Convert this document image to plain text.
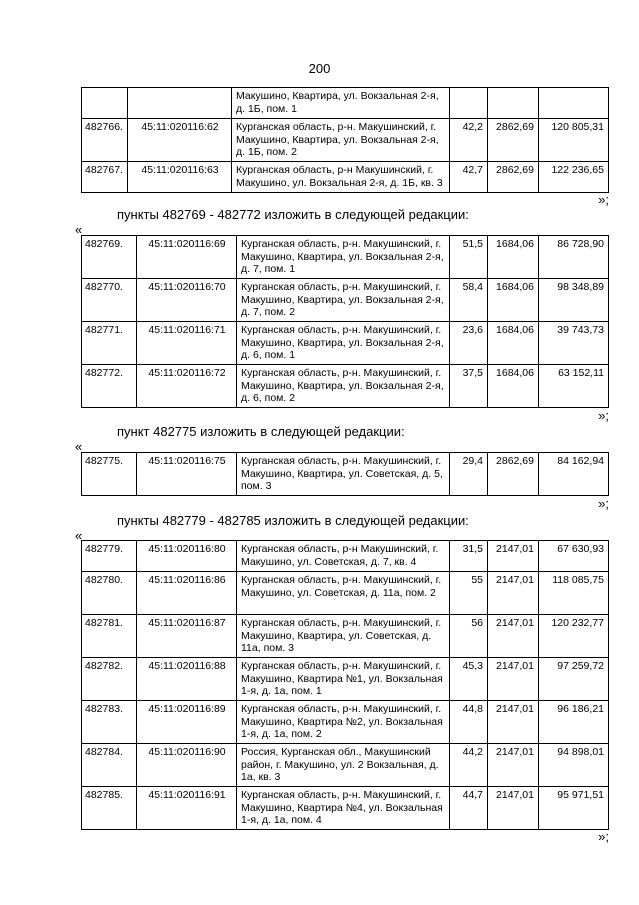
200
		Макушино, Квартира, ул. Вокзальная 2-я, д. 1Б, пом. 1			
482766.	45:11:020116:62	Курганская область, р-н. Макушинский, г. Макушино, Квартира, ул. Вокзальная 2-я, д. 1Б, пом. 2	42,2	2862,69	120 805,31
482767.	45:11:020116:63	Курганская область, р-н Макушинский, г. Макушино, ул. Вокзальная 2-я, д. 1Б, кв. 3	42,7	2862,69	122 236,65
»;
пункты 482769 - 482772 изложить в следующей редакции:
«
482769.	45:11:020116:69	Курганская область, р-н. Макушинский, г. Макушино, Квартира, ул. Вокзальная 2-я, д. 7, пом. 1	51,5	1684,06	86 728,90
482770.	45:11:020116:70	Курганская область, р-н. Макушинский, г. Макушино, Квартира, ул. Вокзальная 2-я, д. 7, пом. 2	58,4	1684,06	98 348,89
482771.	45:11:020116:71	Курганская область, р-н. Макушинский, г. Макушино, Квартира, ул. Вокзальная 2-я, д. 6, пом. 1	23,6	1684,06	39 743,73
482772.	45:11:020116:72	Курганская область, р-н. Макушинский, г. Макушино, Квартира, ул. Вокзальная 2-я, д. 6, пом. 2	37,5	1684,06	63 152,11
»;
пункт 482775 изложить в следующей редакции:
«
482775.	45:11:020116:75	Курганская область, р-н. Макушинский, г. Макушино, Квартира, ул. Советская, д. 5, пом. 3	29,4	2862,69	84 162,94
»;
пункты 482779 - 482785 изложить в следующей редакции:
«
482779.	45:11:020116:80	Курганская область, р-н Макушинский, г. Макушино, ул. Советская, д. 7, кв. 4	31,5	2147,01	67 630,93
482780.	45:11:020116:86	Курганская область, р-н. Макушинский, г. Макушино, ул. Советская, д. 11а, пом. 2	55	2147,01	118 085,75
482781.	45:11:020116:87	Курганская область, р-н. Макушинский, г. Макушино, Квартира, ул. Советская, д. 11а, пом. 3	56	2147,01	120 232,77
482782.	45:11:020116:88	Курганская область, р-н. Макушинский, г. Макушино, Квартира №1, ул. Вокзальная 1-я, д. 1а, пом. 1	45,3	2147,01	97 259,72
482783.	45:11:020116:89	Курганская область, р-н. Макушинский, г. Макушино, Квартира №2, ул. Вокзальная 1-я, д. 1а, пом. 2	44,8	2147,01	96 186,21
482784.	45:11:020116:90	Россия, Курганская обл., Макушинский район, г. Макушино, ул. 2 Вокзальная, д. 1а, кв. 3	44,2	2147,01	94 898,01
482785.	45:11:020116:91	Курганская область, р-н. Макушинский, г. Макушино, Квартира №4, ул. Вокзальная 1-я, д. 1а, пом. 4	44,7	2147,01	95 971,51
»;
